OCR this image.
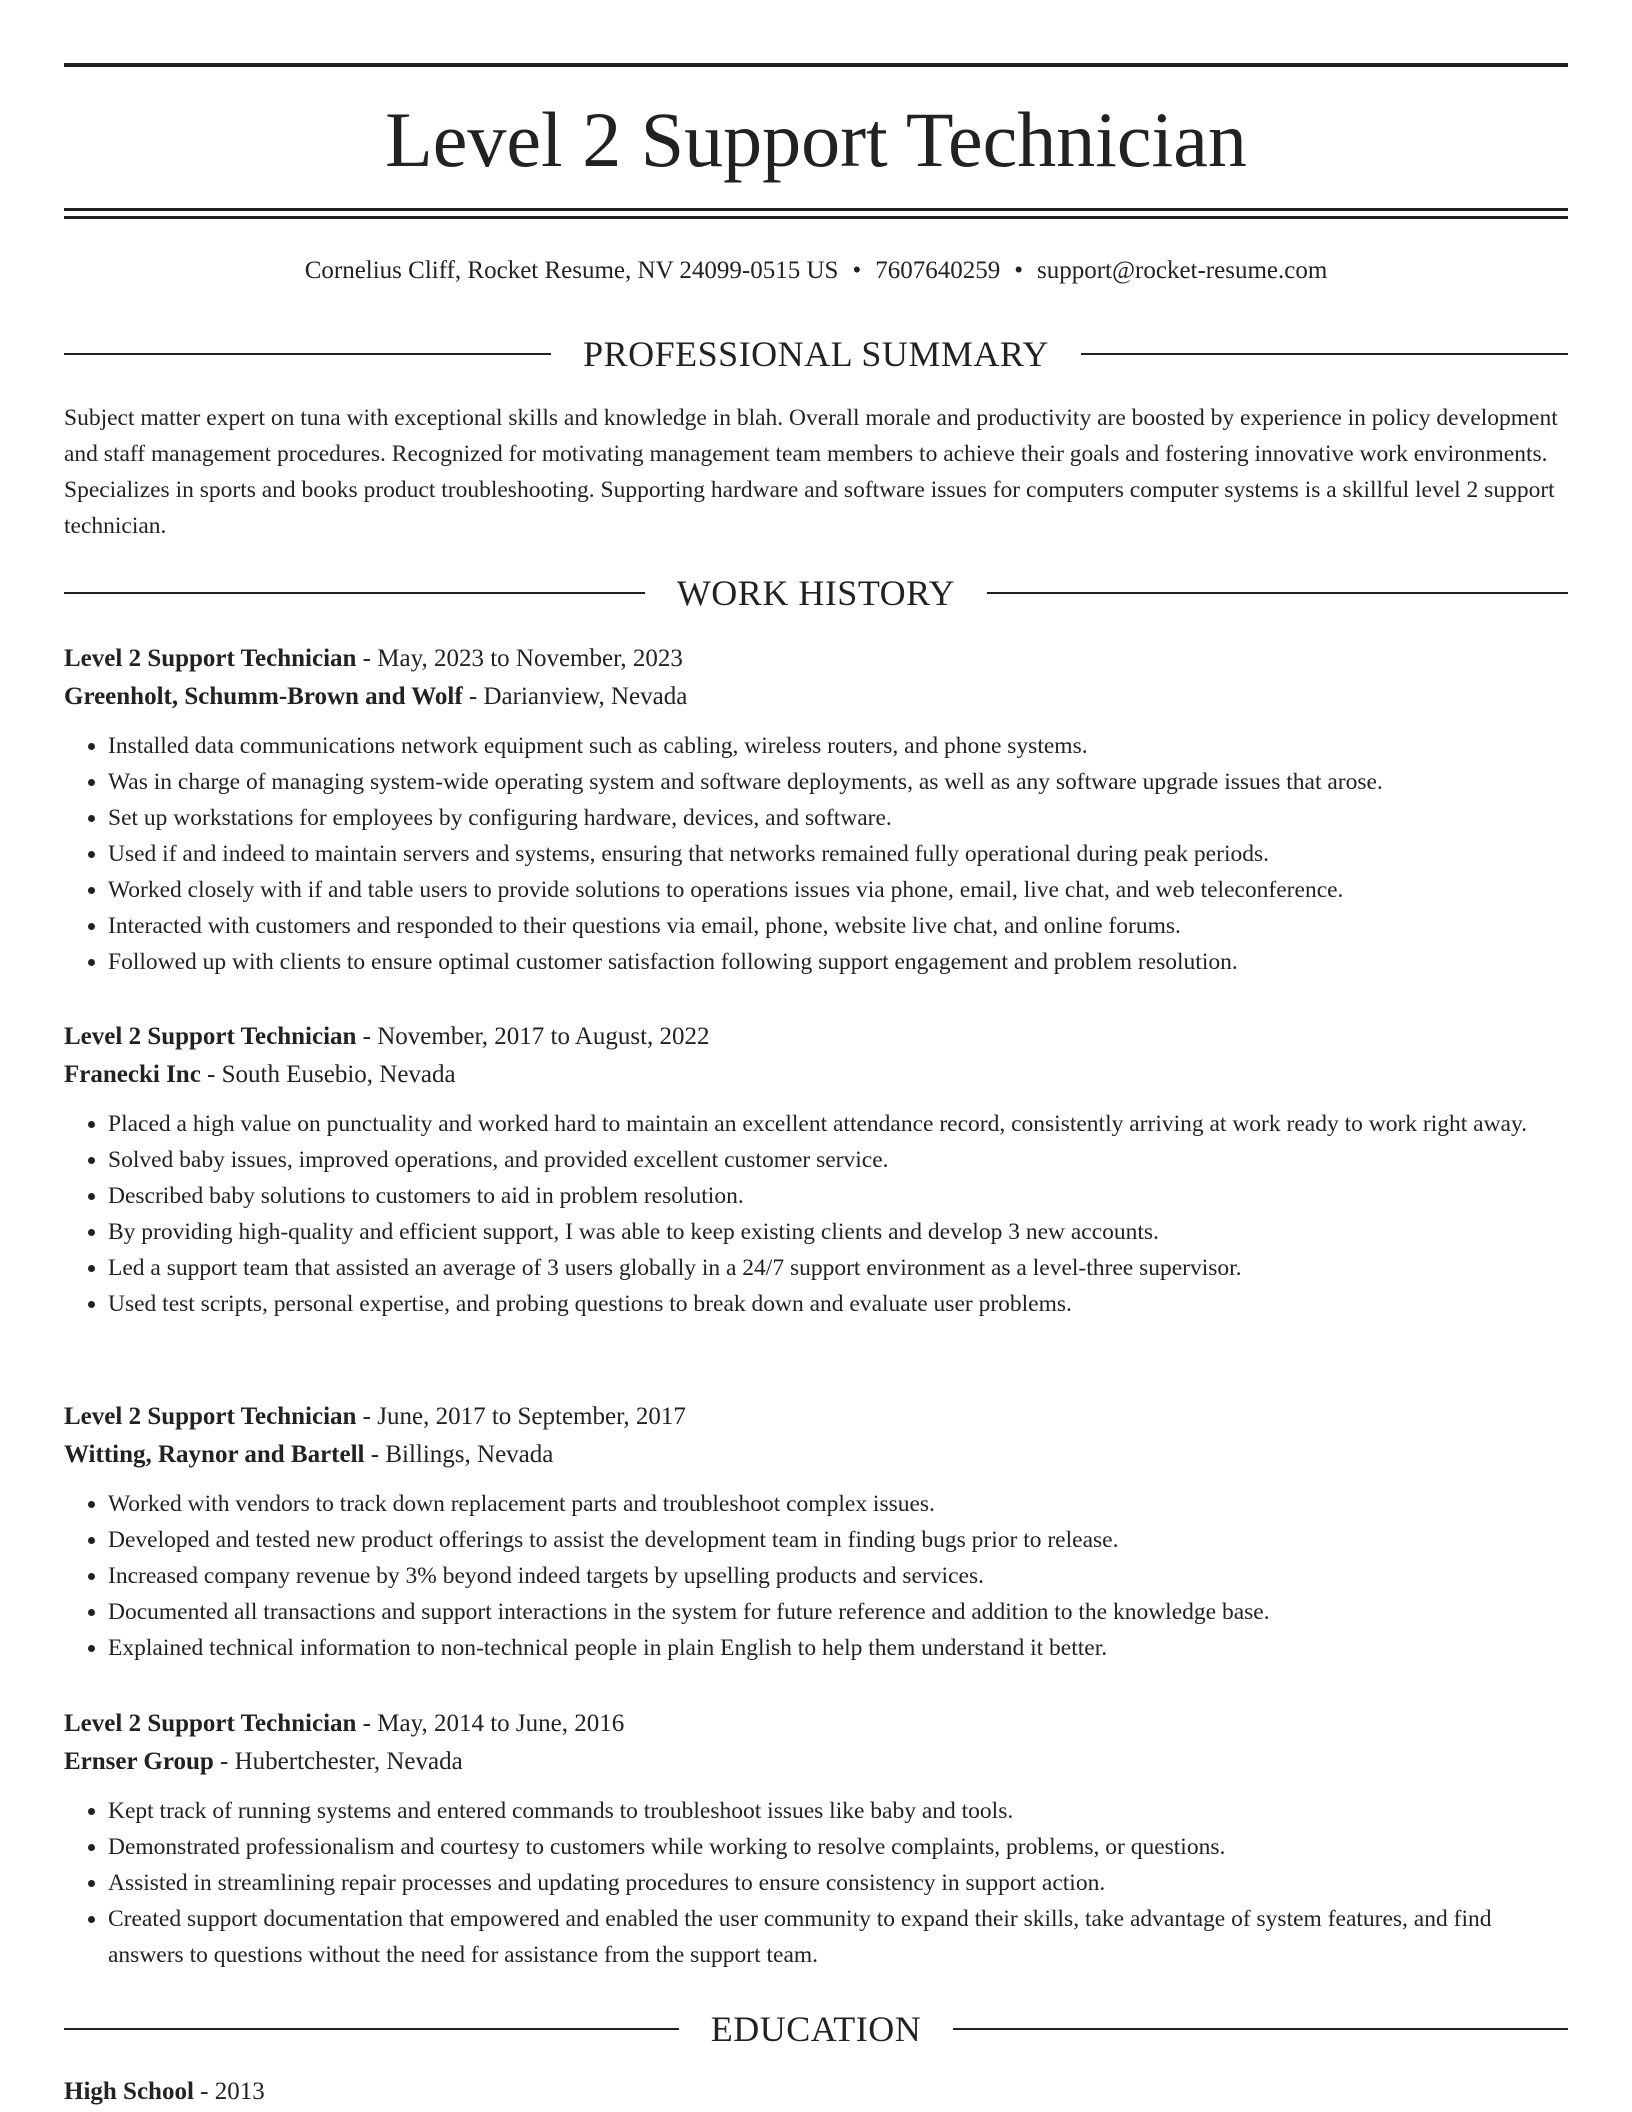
Level 2 Support Technician
Cornelius Cliff, Rocket Resume, NV 24099-0515 US • 7607640259 • support@rocket-resume.com
PROFESSIONAL SUMMARY

Subject matter expert on tuna with exceptional skills and knowledge in blah. Overall morale and productivity are boosted by experience in policy development and staff management procedures. Recognized for motivating management team members to achieve their goals and fostering innovative work environments. Specializes in sports and books product troubleshooting. Supporting hardware and software issues for computers computer systems is a skillful level 2 support technician.

WORK HISTORY
Level 2 Support Technician - May, 2023 to November, 2023
Greenholt, Schumm-Brown and Wolf - Darianview, Nevada
• Installed data communications network equipment such as cabling, wireless routers, and phone systems.
• Was in charge of managing system-wide operating system and software deployments, as well as any software upgrade issues that arose.
• Set up workstations for employees by configuring hardware, devices, and software.
• Used if and indeed to maintain servers and systems, ensuring that networks remained fully operational during peak periods.
• Worked closely with if and table users to provide solutions to operations issues via phone, email, live chat, and web teleconference.
• Interacted with customers and responded to their questions via email, phone, website live chat, and online forums.
• Followed up with clients to ensure optimal customer satisfaction following support engagement and problem resolution.
Level 2 Support Technician - November, 2017 to August, 2022
Franecki Inc - South Eusebio, Nevada
• Placed a high value on punctuality and worked hard to maintain an excellent attendance record, consistently arriving at work ready to work right away.
• Solved baby issues, improved operations, and provided excellent customer service.
• Described baby solutions to customers to aid in problem resolution.
• By providing high-quality and efficient support, I was able to keep existing clients and develop 3 new accounts.
• Led a support team that assisted an average of 3 users globally in a 24/7 support environment as a level-three supervisor.
• Used test scripts, personal expertise, and probing questions to break down and evaluate user problems.
Level 2 Support Technician - June, 2017 to September, 2017
Witting, Raynor and Bartell - Billings, Nevada
• Worked with vendors to track down replacement parts and troubleshoot complex issues.
• Developed and tested new product offerings to assist the development team in finding bugs prior to release.
• Increased company revenue by 3% beyond indeed targets by upselling products and services.
• Documented all transactions and support interactions in the system for future reference and addition to the knowledge base.
• Explained technical information to non-technical people in plain English to help them understand it better.
Level 2 Support Technician - May, 2014 to June, 2016
Ernser Group - Hubertchester, Nevada
• Kept track of running systems and entered commands to troubleshoot issues like baby and tools.
• Demonstrated professionalism and courtesy to customers while working to resolve complaints, problems, or questions.
• Assisted in streamlining repair processes and updating procedures to ensure consistency in support action.
• Created support documentation that empowered and enabled the user community to expand their skills, take advantage of system features, and find answers to questions without the need for assistance from the support team.
EDUCATION
High School - 2013
